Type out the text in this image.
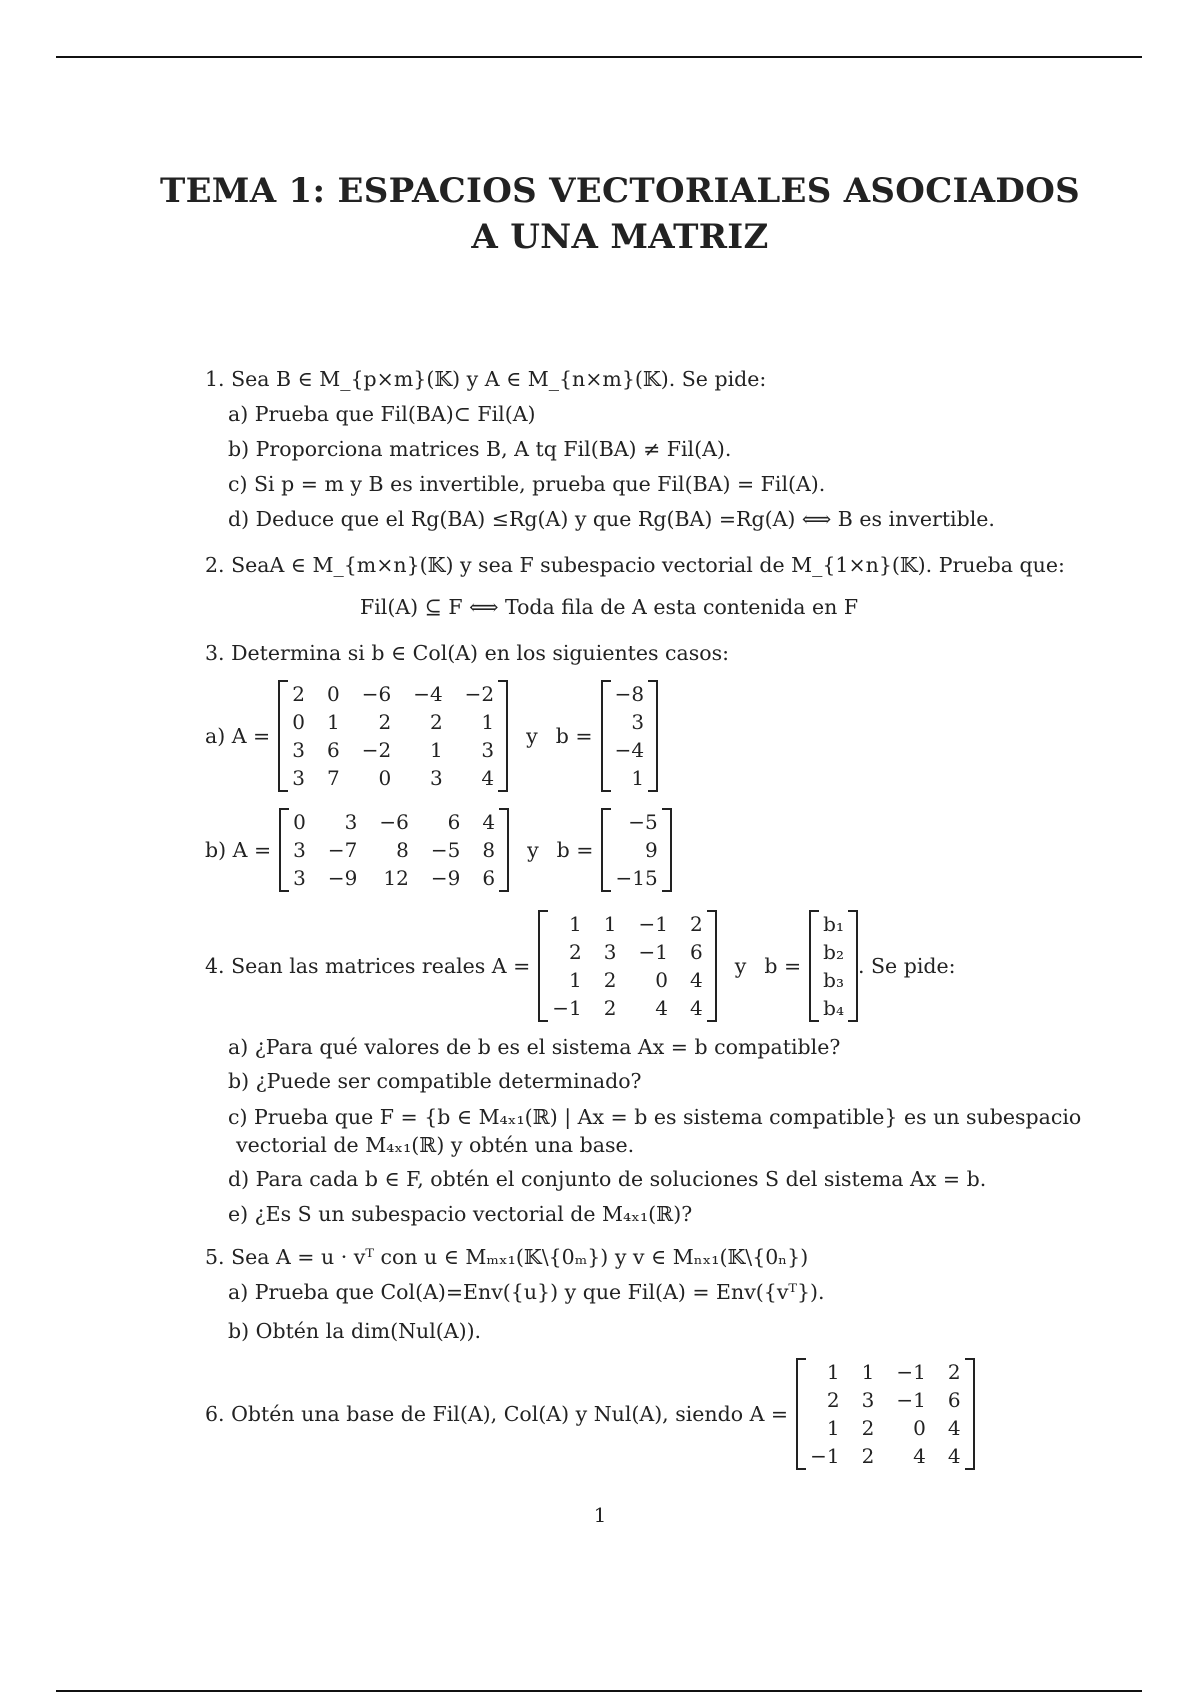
TEMA 1: ESPACIOS VECTORIALES ASOCIADOS
A UNA MATRIZ
1. Sea B ∈ M_{p×m}(𝕂) y A ∈ M_{n×m}(𝕂). Se pide:
a) Prueba que Fil(BA)⊂ Fil(A)
b) Proporciona matrices B, A tq Fil(BA) ≠ Fil(A).
c) Si p = m y B es invertible, prueba que Fil(BA) = Fil(A).
d) Deduce que el Rg(BA) ≤Rg(A) y que Rg(BA) =Rg(A) ⟺ B es invertible.
2. SeaA ∈ M_{m×n}(𝕂) y sea F subespacio vectorial de M_{1×n}(𝕂). Prueba que:
Fil(A) ⊆ F ⟺ Toda fila de A esta contenida en F
3. Determina si b ∈ Col(A) en los siguientes casos:
a) A =
2 0 −6 −4 −2
0 1	2	2	1
3 6 −2	1	3
3 7	0	3	4
y b =
−8
3
−4
1
b) A =
0	3 −6	6 4
3 −7	8 −5 8
3 −9 12 −9 6
y b =
−5
9
−15
4. Sean las matrices reales A =
1 1 −1 2
2 3 −1 6
1 2	0 4
−1 2	4 4
y b =
b₁
b₂
b₃
b₄
. Se pide:
a) ¿Para qué valores de b es el sistema Ax = b compatible?
b) ¿Puede ser compatible determinado?
c) Prueba que F = {b ∈ M₄ₓ₁(ℝ) | Ax = b es sistema compatible} es un subespacio
vectorial de M₄ₓ₁(ℝ) y obtén una base.
d) Para cada b ∈ F, obtén el conjunto de soluciones S del sistema Ax = b.
e) ¿Es S un subespacio vectorial de M₄ₓ₁(ℝ)?
5. Sea A = u · vᵀ con u ∈ Mₘₓ₁(𝕂\{0ₘ}) y v ∈ Mₙₓ₁(𝕂\{0ₙ})
a) Prueba que Col(A)=Env({u}) y que Fil(A) = Env({vᵀ}).
b) Obtén la dim(Nul(A)).
6. Obtén una base de Fil(A), Col(A) y Nul(A), siendo A =
1 1 −1 2
2 3 −1 6
1 2	0 4
−1 2	4 4
1
